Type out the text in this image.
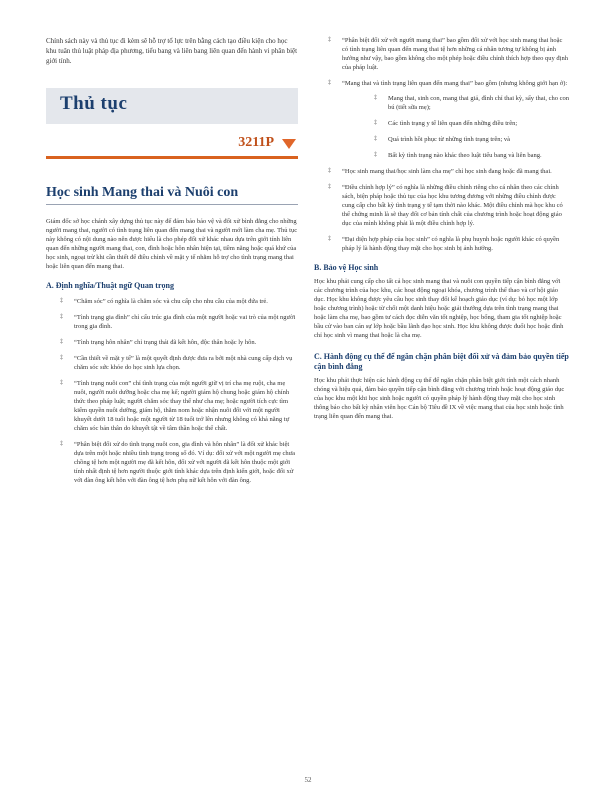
Chính sách này và thủ tục đi kèm sẽ hỗ trợ tổ lực trên bằng cách tạo điều kiện cho học khu tuân thủ luật pháp địa phương, tiểu bang và liên bang liên quan đến hành vi phân biệt giới tính.
Thủ tục
3211P
Học sinh Mang thai và Nuôi con
Giám đốc sở học chánh xây dựng thủ tục này để đảm bảo bảo vệ và đối xử bình đẳng cho những người mang thai, người có tình trạng liên quan đến mang thai và người mới làm cha mẹ. Thủ tục này không có nội dung nào nên được hiểu là cho phép đối xử khác nhau dựa trên giới tính liên quan đến những người mang thai, con, đình hoặc hôn nhân hiện tại, tiềm năng hoặc quá khứ của học sinh, ngoại trừ khi cần thiết để điều chỉnh về mặt y tế nhằm hỗ trợ cho tình trạng mang thai hoặc liên quan đến mang thai.
A. Định nghĩa/Thuật ngữ Quan trọng
‡ “Chăm sóc” có nghĩa là chăm sóc và chu cấp cho nhu cầu của một đứa trẻ.
‡ “Tình trạng gia đình” chỉ cấu trúc gia đình của một người hoặc vai trò của một người trong gia đình.
‡ “Tình trạng hôn nhân” chỉ trạng thái đã kết hôn, độc thân hoặc ly hôn.
‡ “Cần thiết về mặt y tế” là một quyết định được đưa ra bởi một nhà cung cấp dịch vụ chăm sóc sức khỏe do học sinh lựa chọn.
‡ “Tình trạng nuôi con” chỉ tình trạng của một người giữ vị trí cha mẹ ruột, cha mẹ nuôi, người nuôi dưỡng hoặc cha mẹ kế; người giám hộ chung hoặc giám hộ chính thức theo pháp luật; người chăm sóc thay thế như cha mẹ; hoặc người tích cực tìm kiếm quyền nuôi dưỡng, giám hộ, thăm nom hoặc nhận nuôi đối với một người khuyết dưới 18 tuổi hoặc một người từ 18 tuổi trở lên nhưng không có khả năng tự chăm sóc bản thân do khuyết tật về tâm thần hoặc thể chất.
‡ “Phân biệt đối xử do tình trạng nuôi con, gia đình và hôn nhân” là đối xử khác biệt dựa trên một hoặc nhiều tình trạng trong số đó. Ví dụ: đối xử với một người mẹ chưa chồng tệ hơn một người mẹ đã kết hôn, đối xử với người đã kết hôn thuộc một giới tính nhất định tệ hơn người thuộc giới tính khác dựa trên định kiến giới, hoặc đối xử với đàn ông kết hôn với đàn ông tệ hơn phụ nữ kết hôn với đàn ông.
‡ “Phân biệt đối xử với người mang thai” bao gồm đối xử với học sinh mang thai hoặc có tình trạng liên quan đến mang thai tệ hơn những cá nhân tương tự không bị ảnh hưởng như vậy, bao gồm không cho một phép hoặc điều chỉnh thích hợp theo quy định của pháp luật.
‡ “Mang thai và tình trạng liên quan đến mang thai” bao gồm (nhưng không giới hạn ở):
‡ Mang thai, sinh con, mang thai giả, đình chỉ thai kỳ, sẩy thai, cho con bú (tiết sữa mẹ);
‡ Các tình trạng y tế liên quan đến những điều trên;
‡ Quá trình hồi phục từ những tình trạng trên; và
‡ Bất kỳ tình trạng nào khác theo luật tiểu bang và liên bang.
‡ “Học sinh mang thai/học sinh làm cha mẹ” chỉ học sinh đang hoặc đã mang thai.
‡ “Điều chỉnh hợp lý” có nghĩa là những điều chỉnh riêng cho cá nhân theo các chính sách, biện pháp hoặc thủ tục của học khu tương đương với những điều chỉnh được cung cấp cho bất kỳ tình trạng y tế tạm thời nào khác. Một điều chỉnh mà học khu có thể chứng minh là sẽ thay đổi cơ bản tính chất của chương trình hoặc hoạt động giáo dục của mình không phải là một điều chỉnh hợp lý.
‡ “Đại diện hợp pháp của học sinh” có nghĩa là phụ huynh hoặc người khác có quyền pháp lý là hành động thay mặt cho học sinh bị ảnh hưởng.
B. Bảo vệ Học sinh
Học khu phải cung cấp cho tất cả học sinh mang thai và nuôi con quyền tiếp cận bình đẳng với các chương trình của học khu, các hoạt động ngoại khóa, chương trình thể thao và cơ hội giáo dục. Học khu không được yêu cầu học sinh thay đổi kế hoạch giáo dục (ví dụ: bỏ học một lớp hoặc chương trình) hoặc từ chối một danh hiệu hoặc giải thưởng dựa trên tình trạng mang thai hoặc làm cha mẹ, bao gồm tư cách đọc diễn văn tốt nghiệp, học bổng, tham gia tốt nghiệp hoặc bầu cử vào ban cán sự lớp hoặc bầu lãnh đạo học sinh. Học khu không được đuổi học hoặc đình chỉ học sinh vì mang thai hoặc là cha mẹ.
C. Hành động cụ thể để ngăn chặn phân biệt đối xử và đảm bảo quyền tiếp cận bình đẳng
Học khu phải thực hiện các hành động cụ thể để ngăn chặn phân biệt giới tính một cách nhanh chóng và hiệu quả, đảm bảo quyền tiếp cận bình đẳng với chương trình hoặc hoạt động giáo dục của học khu một khi học sinh hoặc người có quyền pháp lý hành động thay mặt cho học sinh thông báo cho bất kỳ nhân viên học Cán bộ Tiêu đề IX về việc mang thai của học sinh hoặc tình trạng liên quan đến mang thai.
52
